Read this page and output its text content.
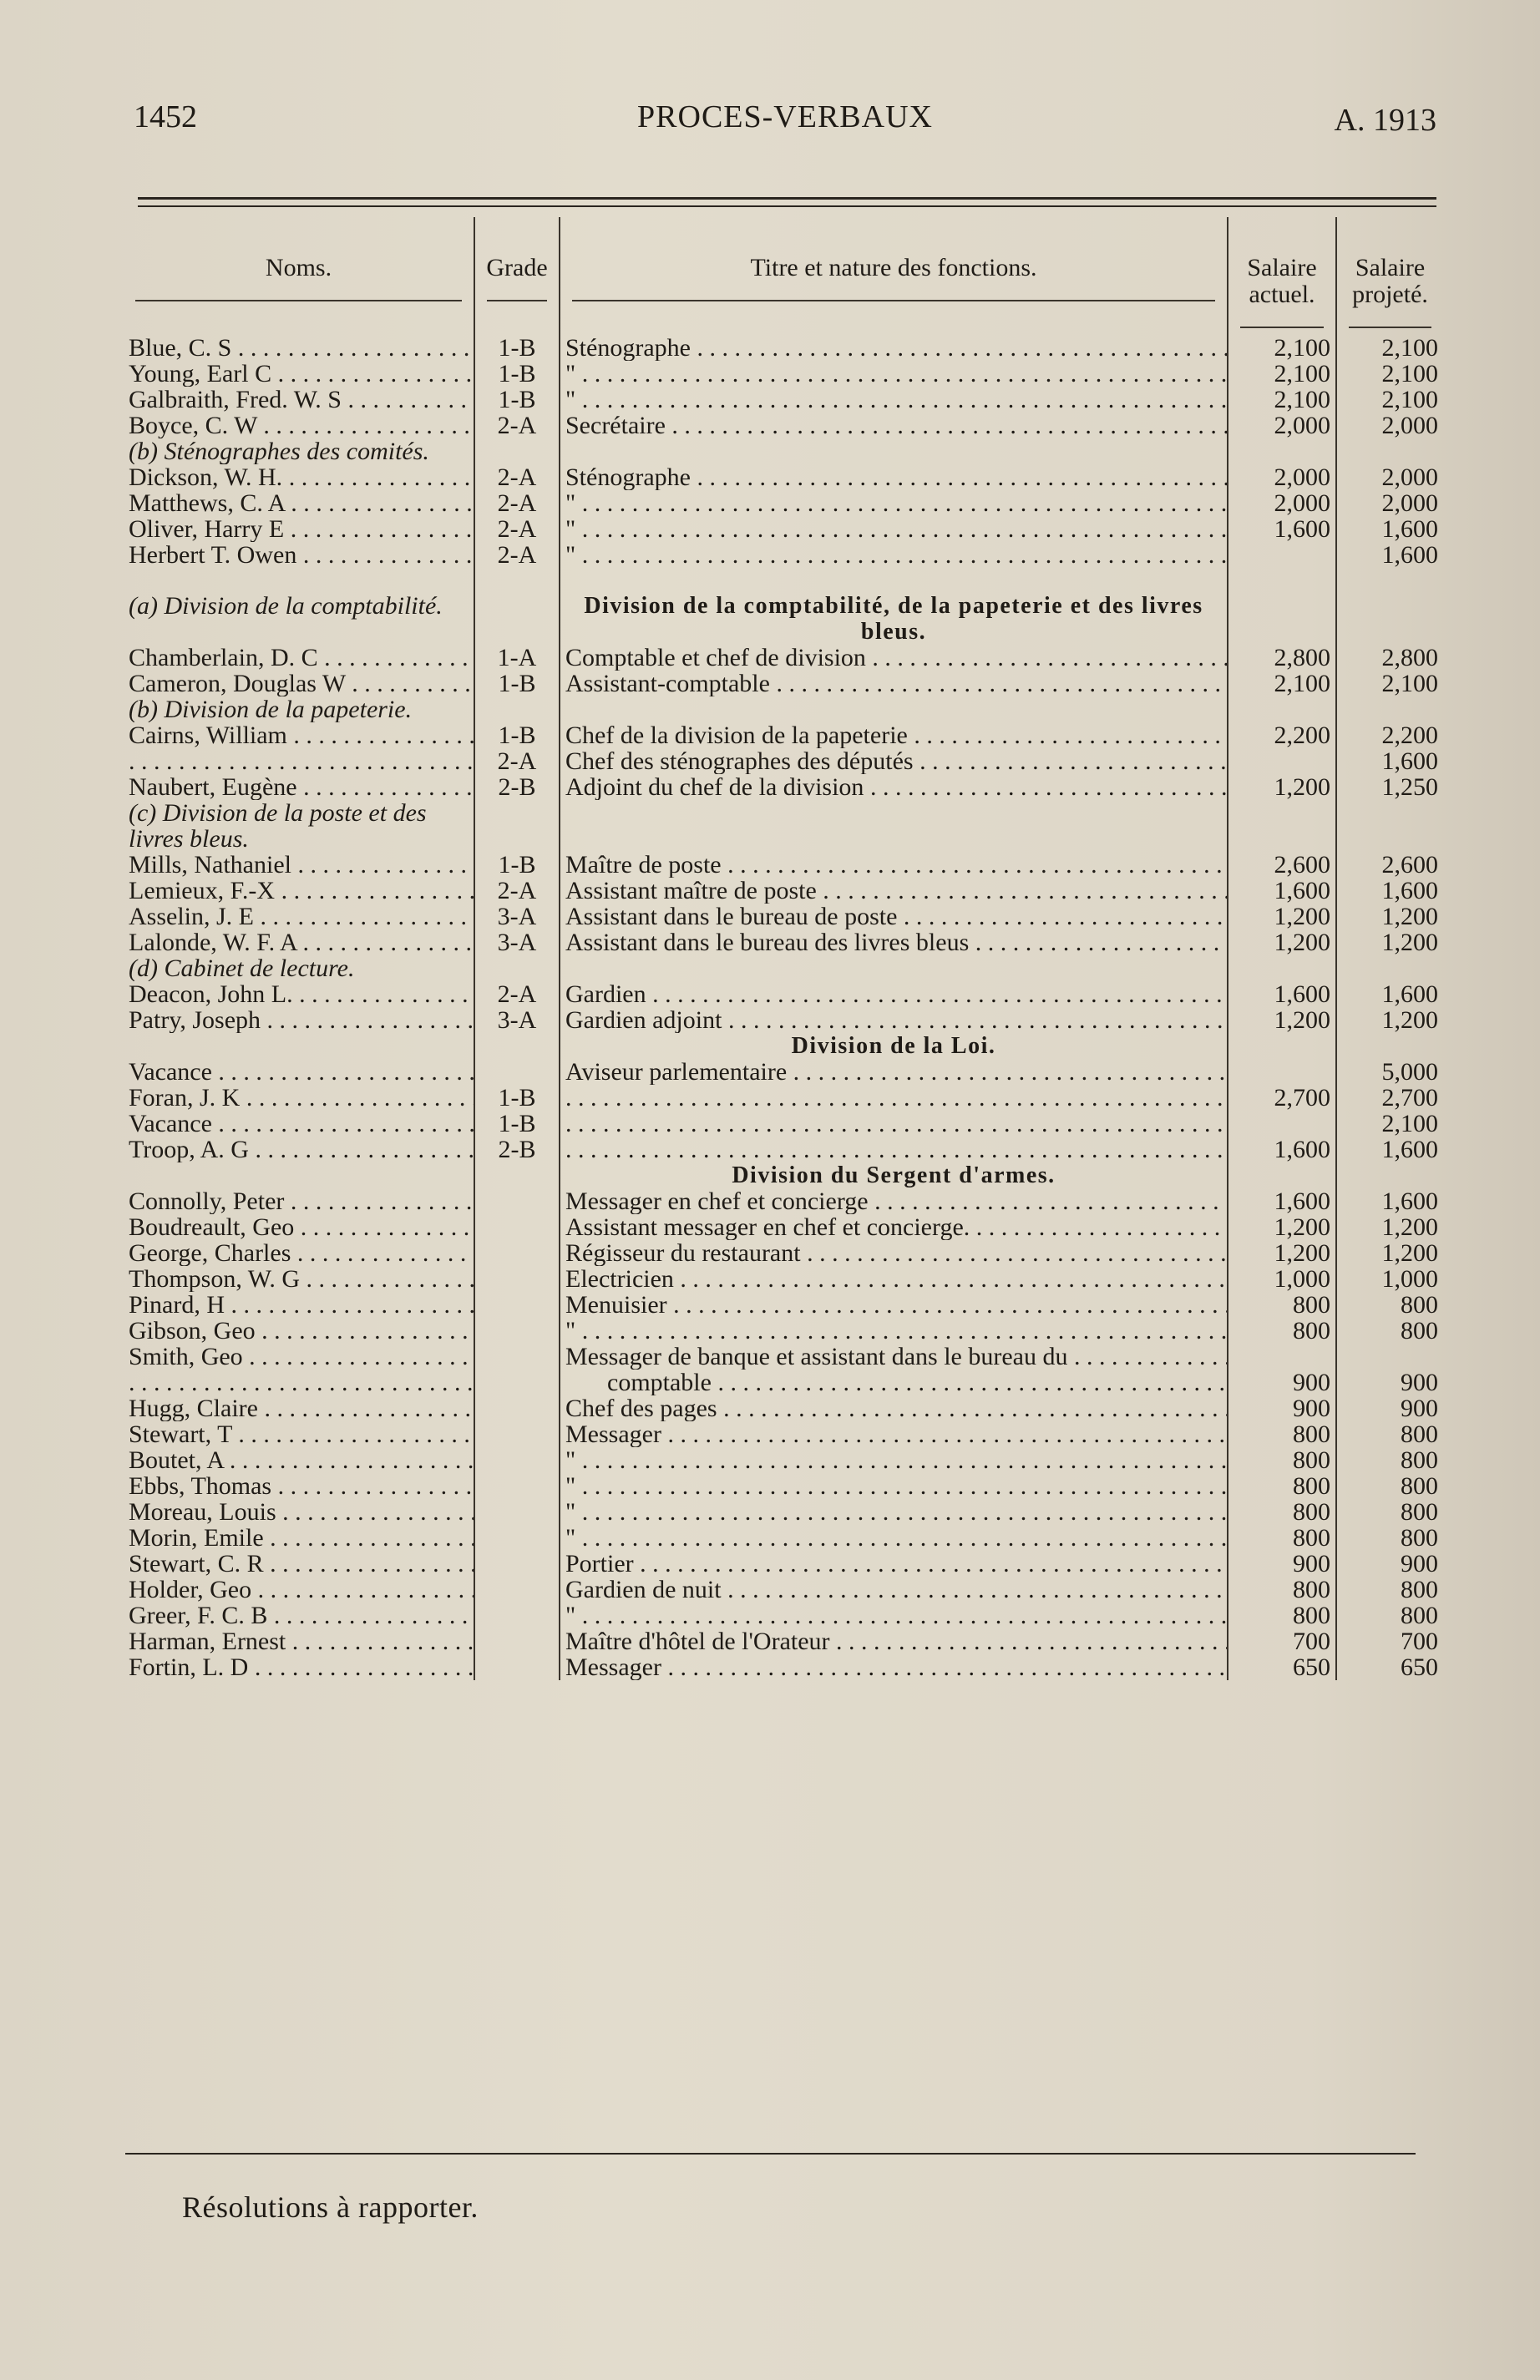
1452	PROCES-VERBAUX	A. 1913
Noms.	Grade	Titre et nature des fonctions.	Salaire actuel.	Salaire projeté.

Blue, C. S . . .	1-B	Sténographe . . .	2,100	2,100
Young, Earl C . . .	1-B	" . . .	2,100	2,100
Galbraith, Fred. W. S . . .	1-B	" . . .	2,100	2,100
Boyce, C. W . . .	2-A	Secrétaire . . .	2,000	2,000
(b) Sténographes des comités.				
Dickson, W. H. . . .	2-A	Sténographe . . .	2,000	2,000
Matthews, C. A . . .	2-A	" . . .	2,000	2,000
Oliver, Harry E . . .	2-A	" . . .	1,600	1,600
Herbert T. Owen . . .	2-A	" . . .		1,600

(a) Division de la comptabilité.		Division de la comptabilité, de la papeterie et des livres bleus.		
Chamberlain, D. C . . .	1-A	Comptable et chef de division . . .	2,800	2,800
Cameron, Douglas W . . .	1-B	Assistant-comptable . . .	2,100	2,100
(b) Division de la papeterie.				
Cairns, William . . .	1-B	Chef de la division de la papeterie . . .	2,200	2,200
. . .	2-A	Chef des sténographes des députés . . .		1,600
Naubert, Eugène . . .	2-B	Adjoint du chef de la division . . .	1,200	1,250
(c) Division de la poste et des livres bleus.				
Mills, Nathaniel . . .	1-B	Maître de poste . . .	2,600	2,600
Lemieux, F.-X . . .	2-A	Assistant maître de poste . . .	1,600	1,600
Asselin, J. E . . .	3-A	Assistant dans le bureau de poste . . .	1,200	1,200
Lalonde, W. F. A . . .	3-A	Assistant dans le bureau des livres bleus . . .	1,200	1,200
(d) Cabinet de lecture.				
Deacon, John L. . . .	2-A	Gardien . . .	1,600	1,600
Patry, Joseph . . .	3-A	Gardien adjoint . . .	1,200	1,200
		Division de la Loi.		
Vacance . . .		Aviseur parlementaire . . .		5,000
Foran, J. K . . .	1-B	. . .	2,700	2,700
Vacance . . .	1-B	. . .		2,100
Troop, A. G . . .	2-B	. . .	1,600	1,600
		Division du Sergent d'armes.		
Connolly, Peter . . .		Messager en chef et concierge . . .	1,600	1,600
Boudreault, Geo . . .		Assistant messager en chef et concierge. . . .	1,200	1,200
George, Charles . . .		Régisseur du restaurant . . .	1,200	1,200
Thompson, W. G . . .		Electricien . . .	1,000	1,000
Pinard, H . . .		Menuisier . . .	800	800
Gibson, Geo . . .		" . . .	800	800
Smith, Geo . . .		Messager de banque et assistant dans le bureau du . . .		
. . .		comptable . . .	900	900
Hugg, Claire . . .		Chef des pages . . .	900	900
Stewart, T . . .		Messager . . .	800	800
Boutet, A . . .		" . . .	800	800
Ebbs, Thomas . . .		" . . .	800	800
Moreau, Louis . . .		" . . .	800	800
Morin, Emile . . .		" . . .	800	800
Stewart, C. R . . .		Portier . . .	900	900
Holder, Geo . . .		Gardien de nuit . . .	800	800
Greer, F. C. B . . .		" . . .	800	800
Harman, Ernest . . .		Maître d'hôtel de l'Orateur . . .	700	700
Fortin, L. D . . .		Messager . . .	650	650
Résolutions à rapporter.
